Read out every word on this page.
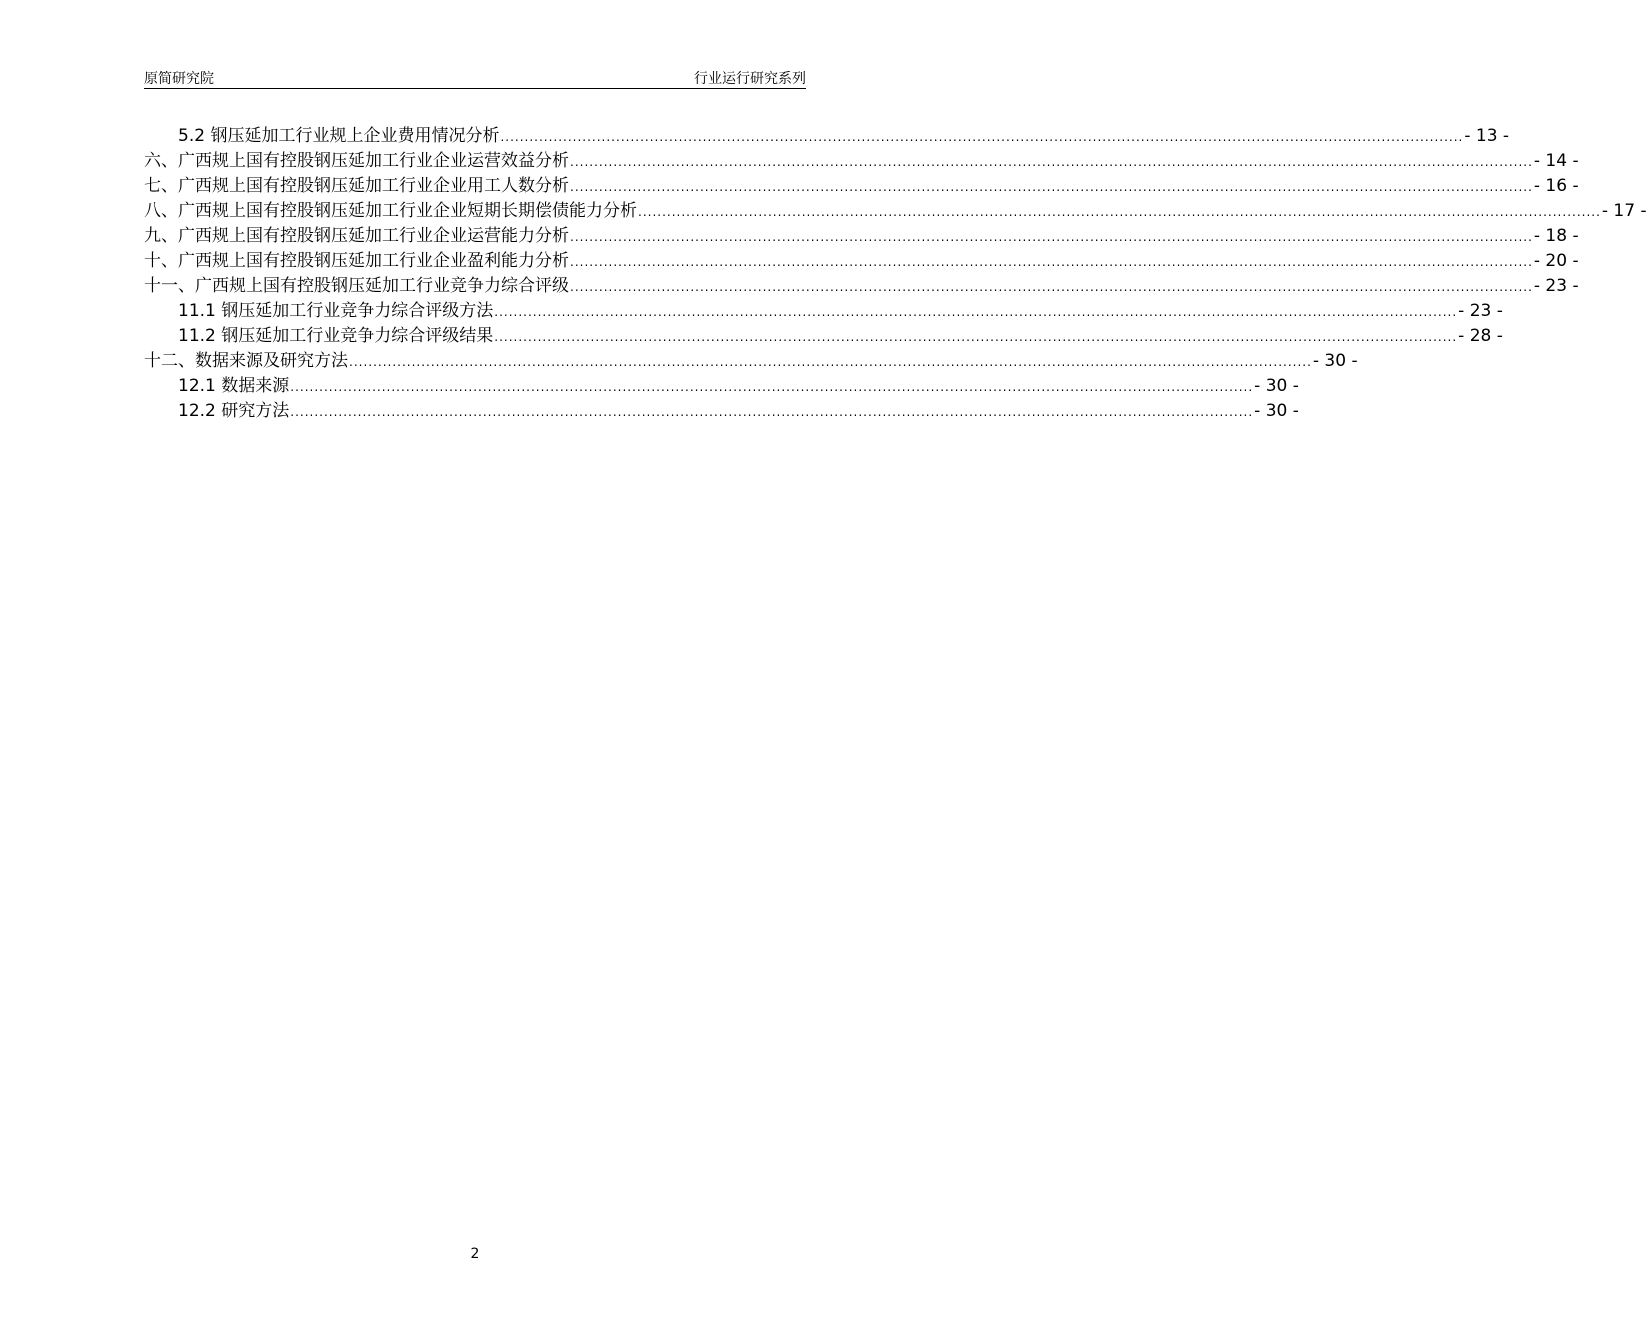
原简研究院	行业运行研究系列
5.2 钢压延加工行业规上企业费用情况分析 ........................................................................................................................................................................................................ - 13 -
六、广西规上国有控股钢压延加工行业企业运营效益分析 ........................................................................................................................................................................................................ - 14 -
七、广西规上国有控股钢压延加工行业企业用工人数分析 ........................................................................................................................................................................................................ - 16 -
八、广西规上国有控股钢压延加工行业企业短期长期偿债能力分析 ........................................................................................................................................................................................................ - 17 -
九、广西规上国有控股钢压延加工行业企业运营能力分析 ........................................................................................................................................................................................................ - 18 -
十、广西规上国有控股钢压延加工行业企业盈利能力分析 ........................................................................................................................................................................................................ - 20 -
十一、广西规上国有控股钢压延加工行业竞争力综合评级 ........................................................................................................................................................................................................ - 23 -
11.1 钢压延加工行业竞争力综合评级方法 ........................................................................................................................................................................................................ - 23 -
11.2 钢压延加工行业竞争力综合评级结果 ........................................................................................................................................................................................................ - 28 -
十二、数据来源及研究方法 ........................................................................................................................................................................................................ - 30 -
12.1 数据来源 ........................................................................................................................................................................................................ - 30 -
12.2 研究方法 ........................................................................................................................................................................................................ - 30 -
2
